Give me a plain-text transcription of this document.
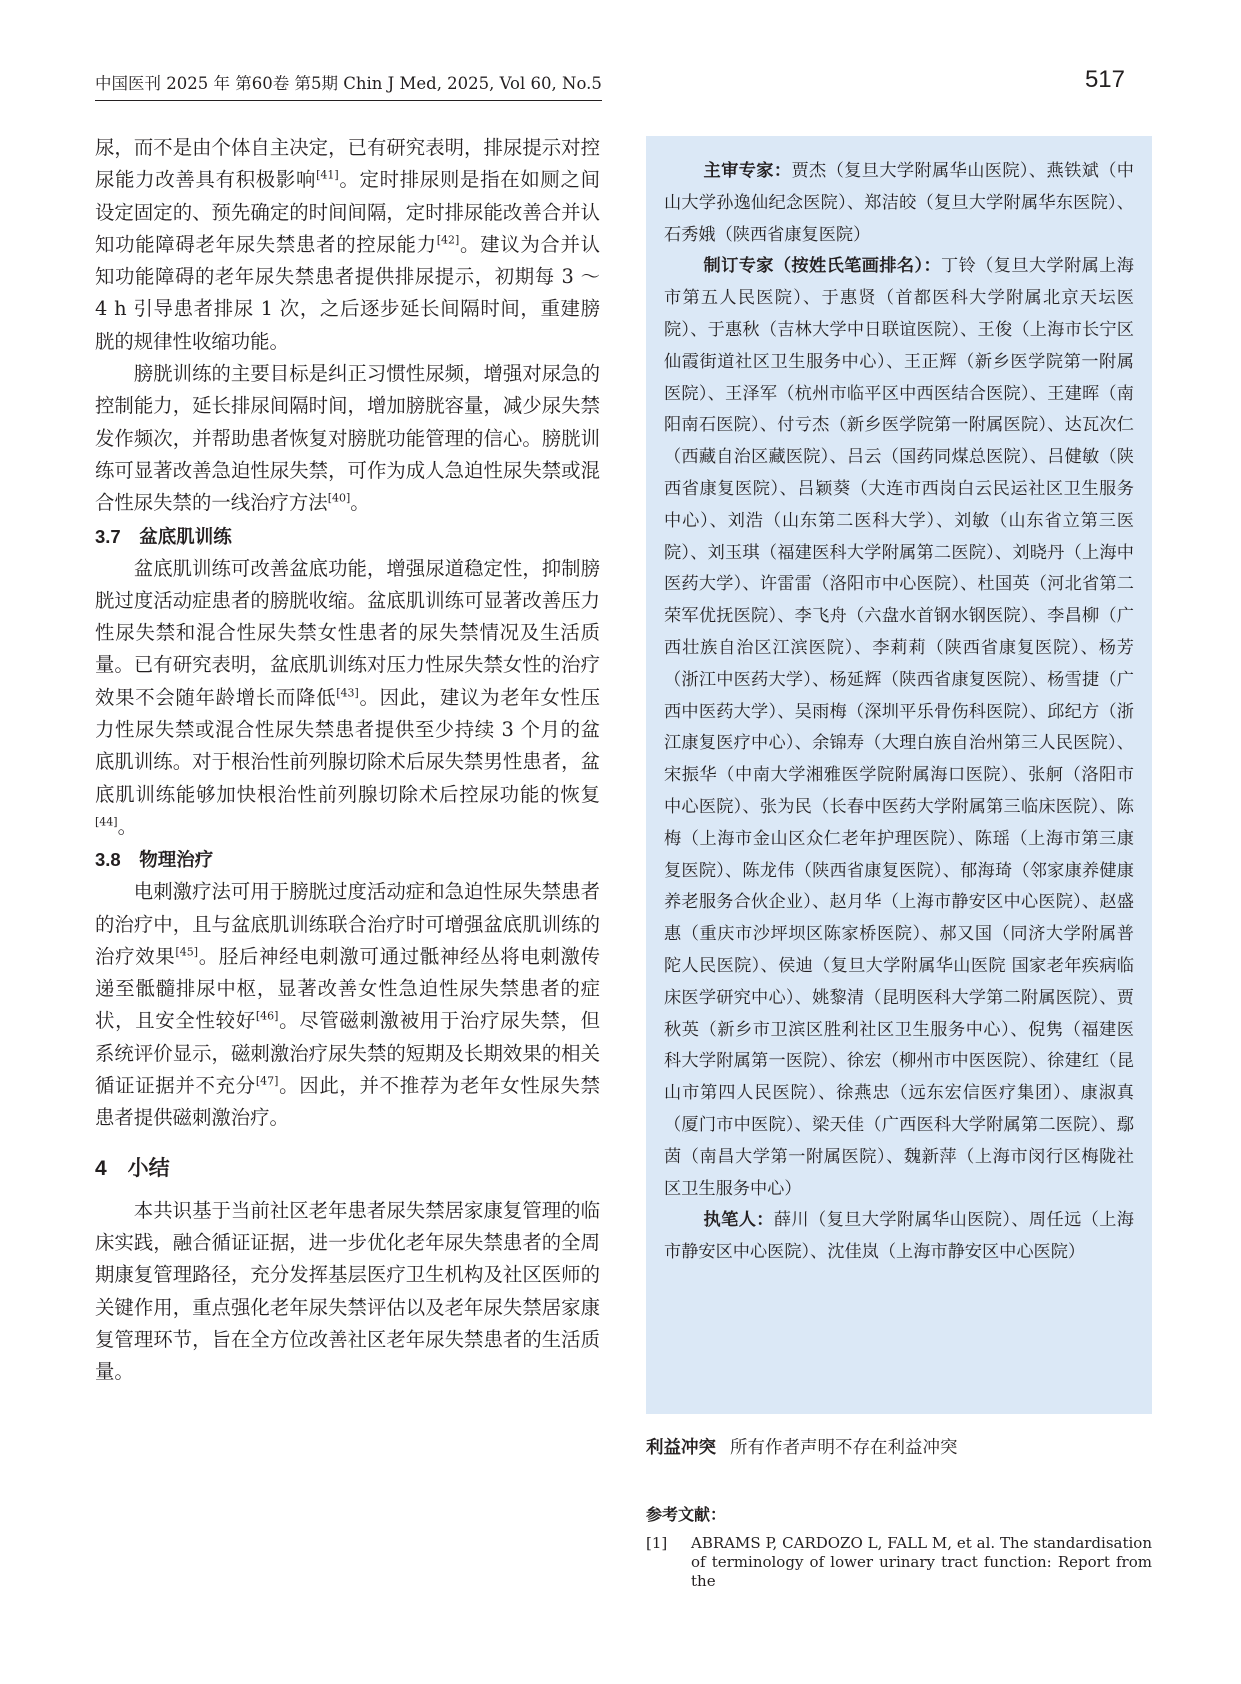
中国医刊 2025 年 第60卷 第5期 Chin J Med, 2025, Vol 60, No.5	517

尿，而不是由个体自主决定，已有研究表明，排尿提示对控尿能力改善具有积极影响[41]。定时排尿则是指在如厕之间设定固定的、预先确定的时间间隔，定时排尿能改善合并认知功能障碍老年尿失禁患者的控尿能力[42]。建议为合并认知功能障碍的老年尿失禁患者提供排尿提示，初期每 3 ～ 4 h 引导患者排尿 1 次，之后逐步延长间隔时间，重建膀胱的规律性收缩功能。

膀胱训练的主要目标是纠正习惯性尿频，增强对尿急的控制能力，延长排尿间隔时间，增加膀胱容量，减少尿失禁发作频次，并帮助患者恢复对膀胱功能管理的信心。膀胱训练可显著改善急迫性尿失禁，可作为成人急迫性尿失禁或混合性尿失禁的一线治疗方法[40]。

3.7　盆底肌训练

盆底肌训练可改善盆底功能，增强尿道稳定性，抑制膀胱过度活动症患者的膀胱收缩。盆底肌训练可显著改善压力性尿失禁和混合性尿失禁女性患者的尿失禁情况及生活质量。已有研究表明，盆底肌训练对压力性尿失禁女性的治疗效果不会随年龄增长而降低[43]。因此，建议为老年女性压力性尿失禁或混合性尿失禁患者提供至少持续 3 个月的盆底肌训练。对于根治性前列腺切除术后尿失禁男性患者，盆底肌训练能够加快根治性前列腺切除术后控尿功能的恢复[44]。

3.8　物理治疗

电刺激疗法可用于膀胱过度活动症和急迫性尿失禁患者的治疗中，且与盆底肌训练联合治疗时可增强盆底肌训练的治疗效果[45]。胫后神经电刺激可通过骶神经丛将电刺激传递至骶髓排尿中枢，显著改善女性急迫性尿失禁患者的症状，且安全性较好[46]。尽管磁刺激被用于治疗尿失禁，但系统评价显示，磁刺激治疗尿失禁的短期及长期效果的相关循证证据并不充分[47]。因此，并不推荐为老年女性尿失禁患者提供磁刺激治疗。

4　小结

本共识基于当前社区老年患者尿失禁居家康复管理的临床实践，融合循证证据，进一步优化老年尿失禁患者的全周期康复管理路径，充分发挥基层医疗卫生机构及社区医师的关键作用，重点强化老年尿失禁评估以及老年尿失禁居家康复管理环节，旨在全方位改善社区老年尿失禁患者的生活质量。

主审专家：贾杰（复旦大学附属华山医院）、燕铁斌（中山大学孙逸仙纪念医院）、郑洁皎（复旦大学附属华东医院）、石秀娥（陕西省康复医院）

制订专家（按姓氏笔画排名）：丁铃（复旦大学附属上海市第五人民医院）、于惠贤（首都医科大学附属北京天坛医院）、于惠秋（吉林大学中日联谊医院）、王俊（上海市长宁区仙霞街道社区卫生服务中心）、王正辉（新乡医学院第一附属医院）、王泽军（杭州市临平区中西医结合医院）、王建晖（南阳南石医院）、付亏杰（新乡医学院第一附属医院）、达瓦次仁（西藏自治区藏医院）、吕云（国药同煤总医院）、吕健敏（陕西省康复医院）、吕颖葵（大连市西岗白云民运社区卫生服务中心）、刘浩（山东第二医科大学）、刘敏（山东省立第三医院）、刘玉琪（福建医科大学附属第二医院）、刘晓丹（上海中医药大学）、许雷雷（洛阳市中心医院）、杜国英（河北省第二荣军优抚医院）、李飞舟（六盘水首钢水钢医院）、李昌柳（广西壮族自治区江滨医院）、李莉莉（陕西省康复医院）、杨芳（浙江中医药大学）、杨延辉（陕西省康复医院）、杨雪捷（广西中医药大学）、吴雨梅（深圳平乐骨伤科医院）、邱纪方（浙江康复医疗中心）、余锦寿（大理白族自治州第三人民医院）、宋振华（中南大学湘雅医学院附属海口医院）、张舸（洛阳市中心医院）、张为民（长春中医药大学附属第三临床医院）、陈梅（上海市金山区众仁老年护理医院）、陈瑶（上海市第三康复医院）、陈龙伟（陕西省康复医院）、郁海琦（邻家康养健康养老服务合伙企业）、赵月华（上海市静安区中心医院）、赵盛惠（重庆市沙坪坝区陈家桥医院）、郝又国（同济大学附属普陀人民医院）、侯迪（复旦大学附属华山医院 国家老年疾病临床医学研究中心）、姚黎清（昆明医科大学第二附属医院）、贾秋英（新乡市卫滨区胜利社区卫生服务中心）、倪隽（福建医科大学附属第一医院）、徐宏（柳州市中医医院）、徐建红（昆山市第四人民医院）、徐燕忠（远东宏信医疗集团）、康淑真（厦门市中医院）、梁天佳（广西医科大学附属第二医院）、鄢茵（南昌大学第一附属医院）、魏新萍（上海市闵行区梅陇社区卫生服务中心）

执笔人：薛川（复旦大学附属华山医院）、周任远（上海市静安区中心医院）、沈佳岚（上海市静安区中心医院）

利益冲突 所有作者声明不存在利益冲突
参考文献：
[1] ABRAMS P, CARDOZO L, FALL M, et al. The standardisation of terminology of lower urinary tract function: Report from the
